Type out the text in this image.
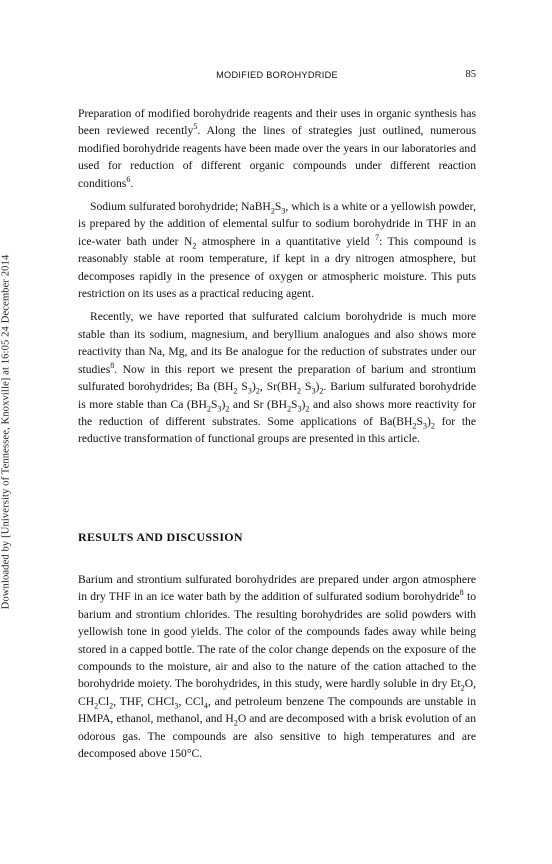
Downloaded by [University of Tennessee, Knoxville] at 16:05 24 December 2014
MODIFIED BOROHYDRIDE	85

Preparation of modified borohydride reagents and their uses in organic synthesis has been reviewed recently$^5$. Along the lines of strategies just outlined, numerous modified borohydride reagents have been made over the years in our laboratories and used for reduction of different organic compounds under different reaction conditions$^6$.

Sodium sulfurated borohydride; $NaBH_2S_3$, which is a white or a yellowish powder, is prepared by the addition of elemental sulfur to sodium borohydride in THF in an ice-water bath under $N_2$ atmosphere in a quantitative yield $^7$: This compound is reasonably stable at room temperature, if kept in a dry nitrogen atmosphere, but decomposes rapidly in the presence of oxygen or atmospheric moisture. This puts restriction on its uses as a practical reducing agent.

Recently, we have reported that sulfurated calcium borohydride is much more stable than its sodium, magnesium, and beryllium analogues and also shows more reactivity than Na, Mg, and its Be analogue for the reduction of substrates under our studies$^8$. Now in this report we present the preparation of barium and strontium sulfurated borohydrides; Ba ($BH_2$ $S_3)_2$, $Sr(BH_2$ $S_3)_2$. Barium sulfurated borohydride is more stable than Ca $(BH_2S_3)_2$ and Sr $(BH_2S_3)_2$ and also shows more reactivity for the reduction of different substrates. Some applications of $Ba(BH_2S_3)_2$ for the reductive transformation of functional groups are presented in this article.

RESULTS AND DISCUSSION

Barium and strontium sulfurated borohydrides are prepared under argon atmosphere in dry THF in an ice water bath by the addition of sulfurated sodium borohydride$^8$ to barium and strontium chlorides. The resulting borohydrides are solid powders with yellowish tone in good yields. The color of the compounds fades away while being stored in a capped bottle. The rate of the color change depends on the exposure of the compounds to the moisture, air and also to the nature of the cation attached to the borohydride moiety. The borohydrides, in this study, were hardly soluble in dry $Et_2O$, $CH_2Cl_2$, THF, CHCl$_3$, CCl$_4$, and petroleum benzene The compounds are unstable in HMPA, ethanol, methanol, and $H_2O$ and are decomposed with a brisk evolution of an odorous gas. The compounds are also sensitive to high temperatures and are decomposed above 150°C.
